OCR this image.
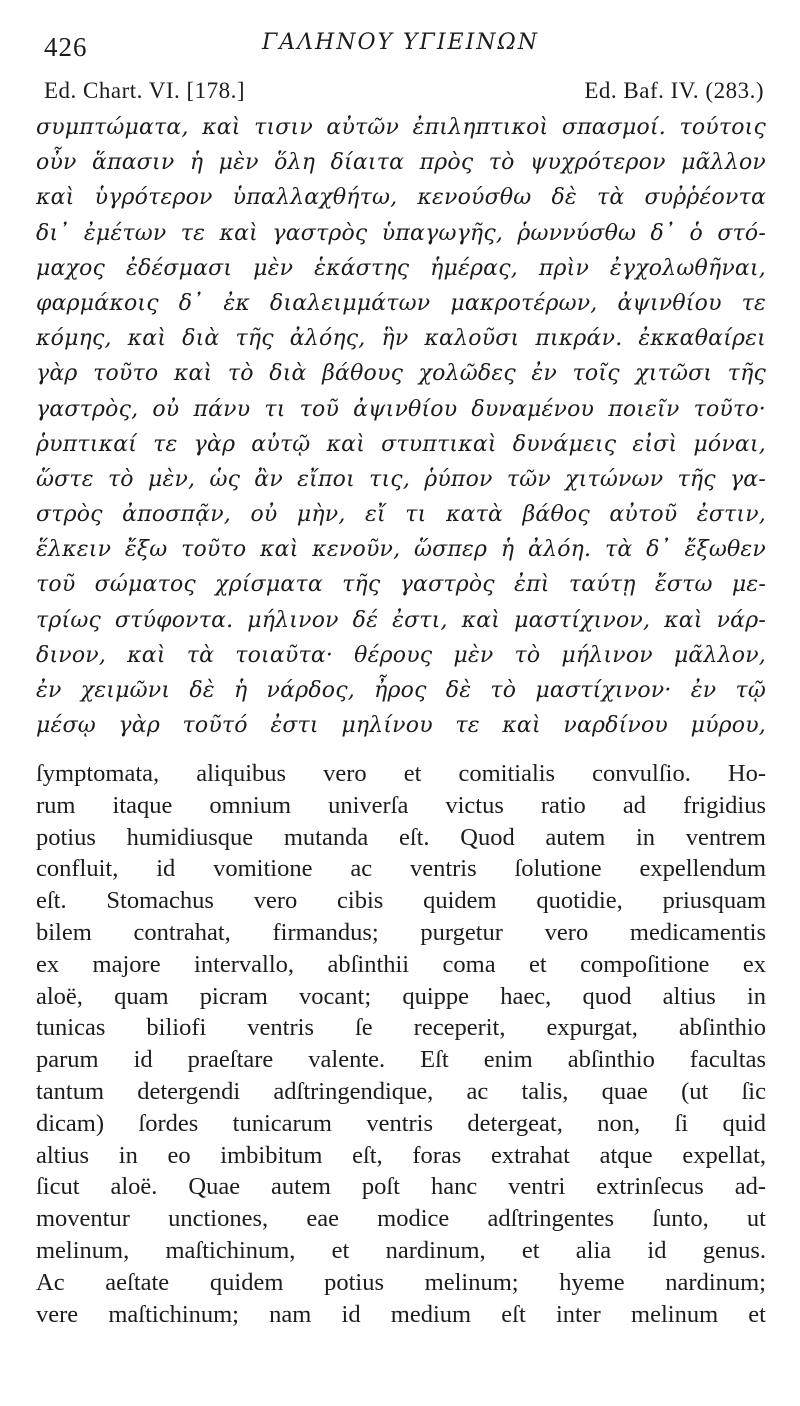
426	ΓΑΛΗΝΟΥ ΥΓΙΕΙΝΩΝ
Ed. Chart. VI. [178.]	Ed. Baf. IV. (283.)
συμπτώματα, καὶ τισιν αὐτῶν ἐπιληπτικοὶ σπασμοί. τούτοις
οὖν ἅπασιν ἡ μὲν ὅλη δίαιτα πρὸς τὸ ψυχρότερον μᾶλλον
καὶ ὑγρότερον ὑπαλλαχθήτω, κενούσθω δὲ τὰ συῤῥέοντα
δι᾽ ἐμέτων τε καὶ γαστρὸς ὑπαγωγῆς, ῥωννύσθω δ᾽ ὁ στό-
μαχος ἐδέσμασι μὲν ἑκάστης ἡμέρας, πρὶν ἐγχολωθῆναι,
φαρμάκοις δ᾽ ἐκ διαλειμμάτων μακροτέρων, ἀψινθίου τε
κόμης, καὶ διὰ τῆς ἀλόης, ἣν καλοῦσι πικράν. ἐκκαθαίρει
γὰρ τοῦτο καὶ τὸ διὰ βάθους χολῶδες ἐν τοῖς χιτῶσι τῆς
γαστρὸς, οὐ πάνυ τι τοῦ ἀψινθίου δυναμένου ποιεῖν τοῦτο·
ῥυπτικαί τε γὰρ αὐτῷ καὶ στυπτικαὶ δυνάμεις εἰσὶ μόναι,
ὥστε τὸ μὲν, ὡς ἂν εἴποι τις, ῥύπον τῶν χιτώνων τῆς γα-
στρὸς ἀποσπᾷν, οὐ μὴν, εἴ τι κατὰ βάθος αὐτοῦ ἐστιν,
ἕλκειν ἔξω τοῦτο καὶ κενοῦν, ὥσπερ ἡ ἀλόη. τὰ δ᾽ ἔξωθεν
τοῦ σώματος χρίσματα τῆς γαστρὸς ἐπὶ ταύτῃ ἔστω με-
τρίως στύφοντα. μήλινον δέ ἐστι, καὶ μαστίχινον, καὶ νάρ-
δινον, καὶ τὰ τοιαῦτα· θέρους μὲν τὸ μήλινον μᾶλλον,
ἐν χειμῶνι δὲ ἡ νάρδος, ἦρος δὲ τὸ μαστίχινον· ἐν τῷ
μέσῳ γὰρ τοῦτό ἐστι μηλίνου τε καὶ ναρδίνου μύρου,
ſymptomata, aliquibus vero et comitialis convulſio. Ho-
rum itaque omnium univerſa victus ratio ad frigidius
potius humidiusque mutanda eſt. Quod autem in ventrem
confluit, id vomitione ac ventris ſolutione expellendum
eſt. Stomachus vero cibis quidem quotidie, priusquam
bilem contrahat, firmandus; purgetur vero medicamentis
ex majore intervallo, abſinthii coma et compoſitione ex
aloë, quam picram vocant; quippe haec, quod altius in
tunicas biliofi ventris ſe receperit, expurgat, abſinthio
parum id praeſtare valente. Eſt enim abſinthio facultas
tantum detergendi adſtringendique, ac talis, quae (ut ſic
dicam) ſordes tunicarum ventris detergeat, non, ſi quid
altius in eo imbibitum eſt, foras extrahat atque expellat,
ſicut aloë. Quae autem poſt hanc ventri extrinſecus ad-
moventur unctiones, eae modice adſtringentes ſunto, ut
melinum, maſtichinum, et nardinum, et alia id genus.
Ac aeſtate quidem potius melinum; hyeme nardinum;
vere maſtichinum; nam id medium eſt inter melinum et
